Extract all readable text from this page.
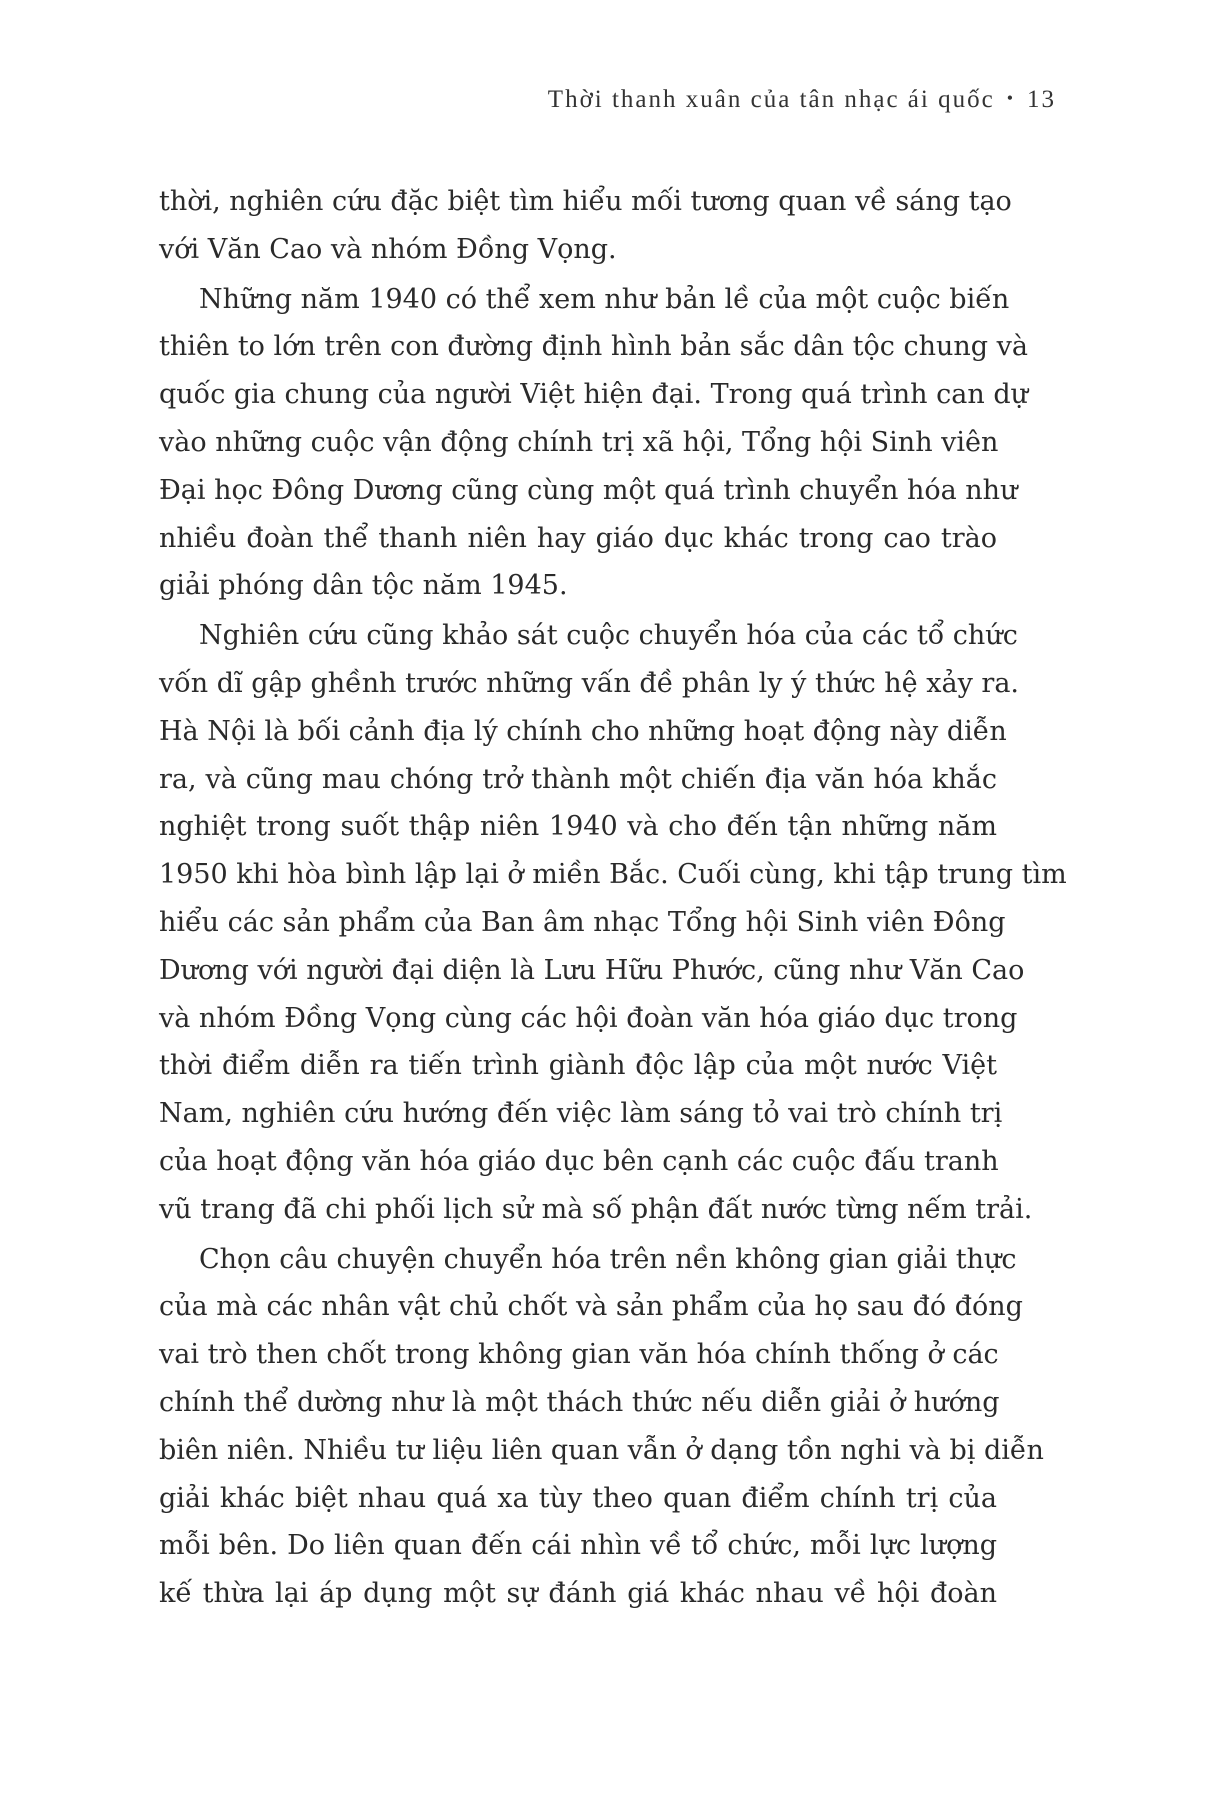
Thời thanh xuân của tân nhạc ái quốc • 13
thời, nghiên cứu đặc biệt tìm hiểu mối tương quan về sáng tạo
với Văn Cao và nhóm Đồng Vọng.
Những năm 1940 có thể xem như bản lề của một cuộc biến
thiên to lớn trên con đường định hình bản sắc dân tộc chung và
quốc gia chung của người Việt hiện đại. Trong quá trình can dự
vào những cuộc vận động chính trị xã hội, Tổng hội Sinh viên
Đại học Đông Dương cũng cùng một quá trình chuyển hóa như
nhiều đoàn thể thanh niên hay giáo dục khác trong cao trào
giải phóng dân tộc năm 1945.
Nghiên cứu cũng khảo sát cuộc chuyển hóa của các tổ chức
vốn dĩ gập ghềnh trước những vấn đề phân ly ý thức hệ xảy ra.
Hà Nội là bối cảnh địa lý chính cho những hoạt động này diễn
ra, và cũng mau chóng trở thành một chiến địa văn hóa khắc
nghiệt trong suốt thập niên 1940 và cho đến tận những năm
1950 khi hòa bình lập lại ở miền Bắc. Cuối cùng, khi tập trung tìm
hiểu các sản phẩm của Ban âm nhạc Tổng hội Sinh viên Đông
Dương với người đại diện là Lưu Hữu Phước, cũng như Văn Cao
và nhóm Đồng Vọng cùng các hội đoàn văn hóa giáo dục trong
thời điểm diễn ra tiến trình giành độc lập của một nước Việt
Nam, nghiên cứu hướng đến việc làm sáng tỏ vai trò chính trị
của hoạt động văn hóa giáo dục bên cạnh các cuộc đấu tranh
vũ trang đã chi phối lịch sử mà số phận đất nước từng nếm trải.
Chọn câu chuyện chuyển hóa trên nền không gian giải thực
của mà các nhân vật chủ chốt và sản phẩm của họ sau đó đóng
vai trò then chốt trong không gian văn hóa chính thống ở các
chính thể dường như là một thách thức nếu diễn giải ở hướng
biên niên. Nhiều tư liệu liên quan vẫn ở dạng tồn nghi và bị diễn
giải khác biệt nhau quá xa tùy theo quan điểm chính trị của
mỗi bên. Do liên quan đến cái nhìn về tổ chức, mỗi lực lượng
kế thừa lại áp dụng một sự đánh giá khác nhau về hội đoàn
